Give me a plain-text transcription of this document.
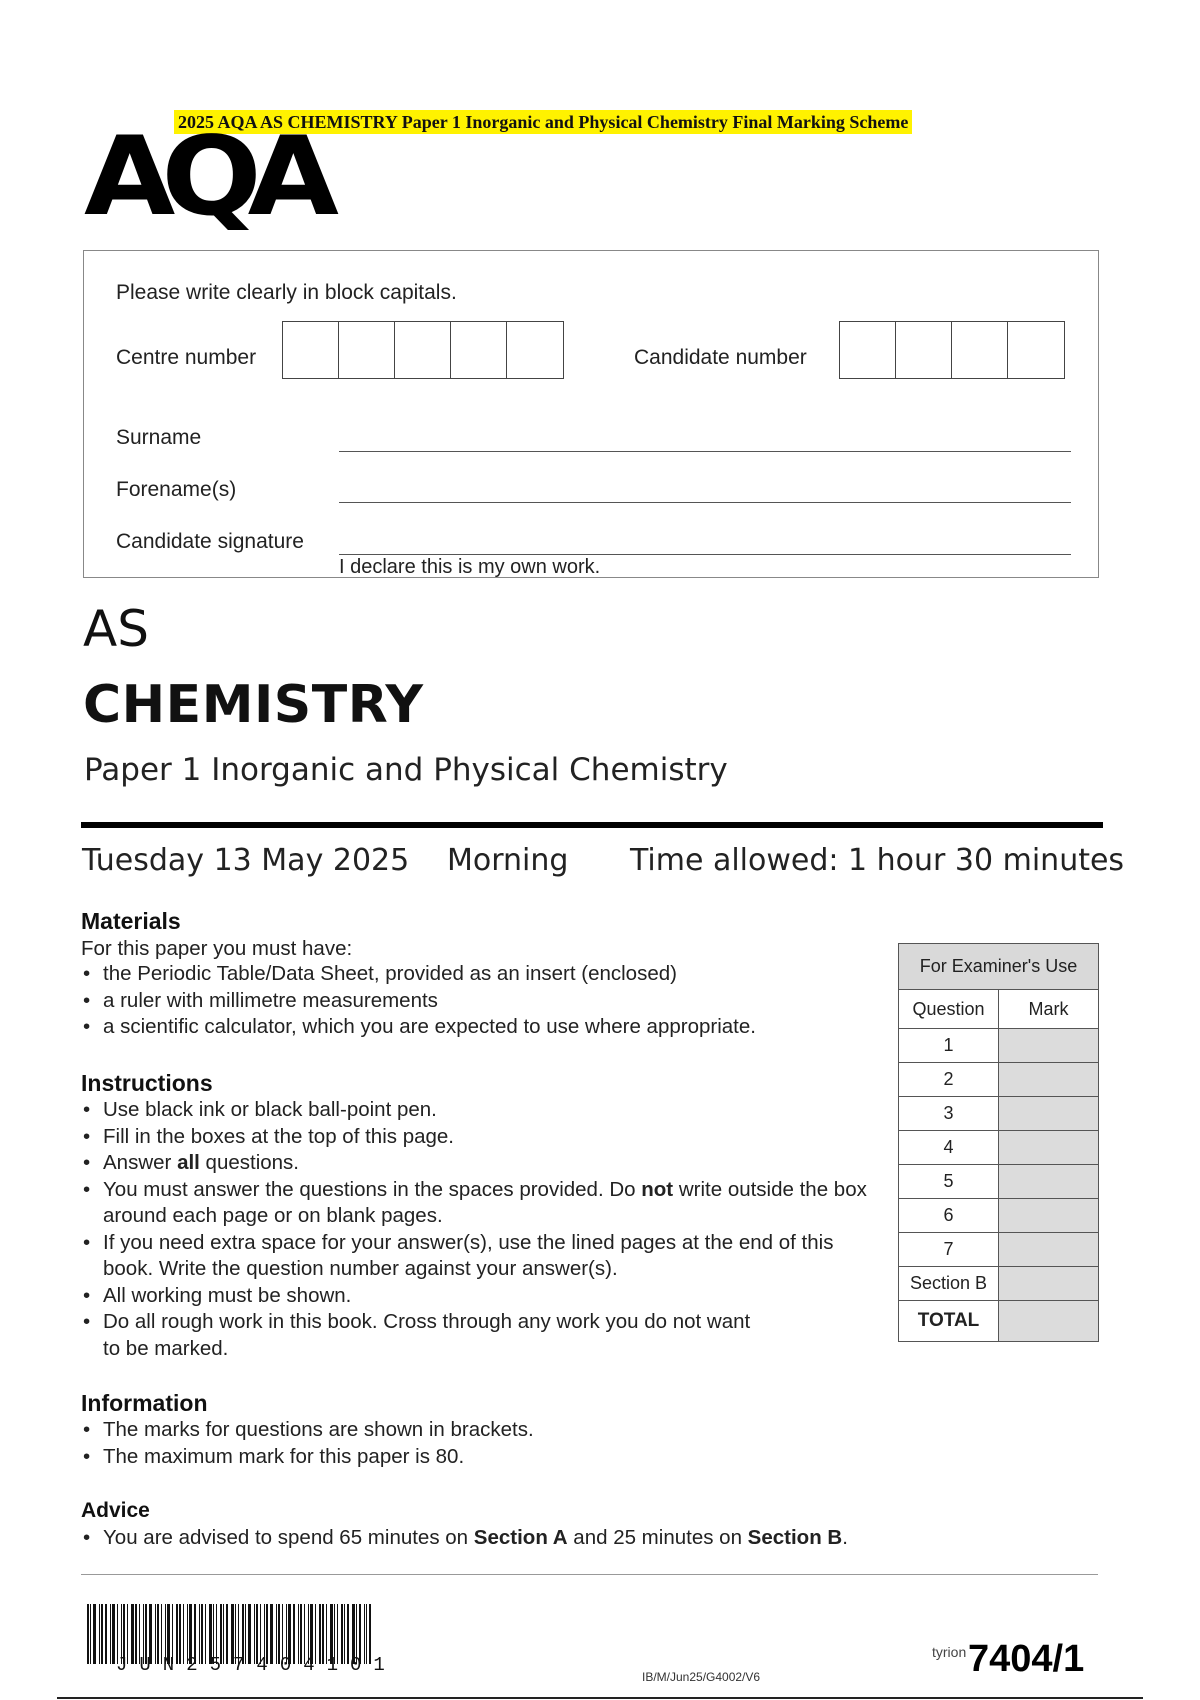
2025 AQA AS CHEMISTRY Paper 1 Inorganic and Physical Chemistry Final Marking Scheme
AQA
Please write clearly in block capitals.
Centre number	Candidate number
Surname
Forename(s)
Candidate signature
I declare this is my own work.
AS
CHEMISTRY
Paper 1 Inorganic and Physical Chemistry
Tuesday 13 May 2025 Morning Time allowed: 1 hour 30 minutes
Materials
For this paper you must have:
• the Periodic Table/Data Sheet, provided as an insert (enclosed)
• a ruler with millimetre measurements
• a scientific calculator, which you are expected to use where appropriate.
Instructions
• Use black ink or black ball-point pen.
• Fill in the boxes at the top of this page.
• Answer all questions.
• You must answer the questions in the spaces provided. Do not write outside the box around each page or on blank pages.
• If you need extra space for your answer(s), use the lined pages at the end of this book. Write the question number against your answer(s).
• All working must be shown.
• Do all rough work in this book. Cross through any work you do not want to be marked.
Information
• The marks for questions are shown in brackets.
• The maximum mark for this paper is 80.
Advice
• You are advised to spend 65 minutes on Section A and 25 minutes on Section B.
For Examiner's Use	
Question	Mark
1	
2	
3	
4	
5	
6	
7	
Section B	
TOTAL	
JUN257404101
IB/M/Jun25/G4002/V6
tyrion 7404/1
